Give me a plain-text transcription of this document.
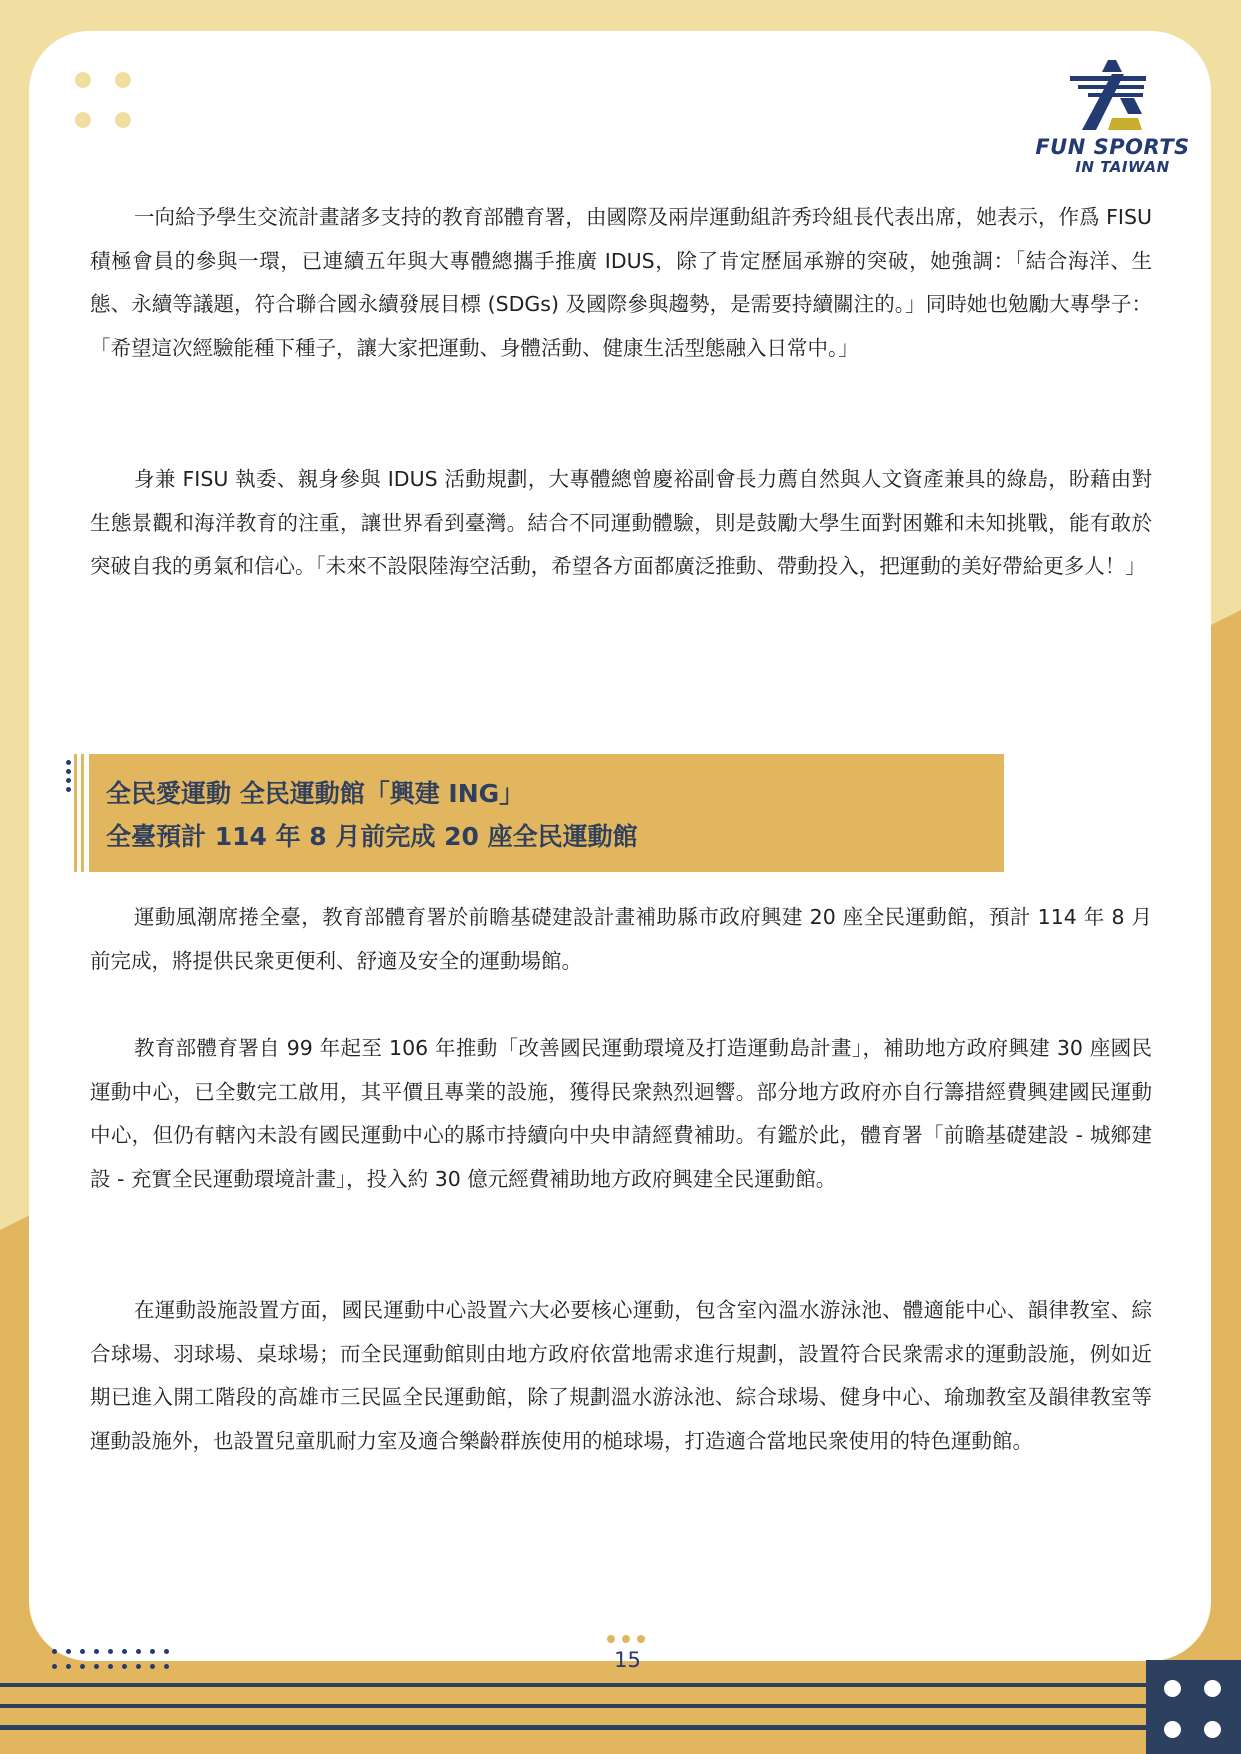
FUN SPORTS
IN TAIWAN

一向給予學生交流計畫諸多支持的教育部體育署，由國際及兩岸運動組許秀玲組長代表出席，她表示，作爲 FISU 積極會員的參與一環，已連續五年與大專體總攜手推廣 IDUS，除了肯定歷屆承辦的突破，她強調：「結合海洋、生態、永續等議題，符合聯合國永續發展目標 (SDGs) 及國際參與趨勢，是需要持續關注的。」同時她也勉勵大專學子：「希望這次經驗能種下種子，讓大家把運動、身體活動、健康生活型態融入日常中。」

身兼 FISU 執委、親身參與 IDUS 活動規劃，大專體總曾慶裕副會長力薦自然與人文資產兼具的綠島，盼藉由對生態景觀和海洋教育的注重，讓世界看到臺灣。結合不同運動體驗，則是鼓勵大學生面對困難和未知挑戰，能有敢於突破自我的勇氣和信心。「未來不設限陸海空活動，希望各方面都廣泛推動、帶動投入，把運動的美好帶給更多人！」

全民愛運動 全民運動館「興建 ING」
全臺預計 114 年 8 月前完成 20 座全民運動館

運動風潮席捲全臺，教育部體育署於前瞻基礎建設計畫補助縣市政府興建 20 座全民運動館，預計 114 年 8 月前完成，將提供民衆更便利、舒適及安全的運動場館。

教育部體育署自 99 年起至 106 年推動「改善國民運動環境及打造運動島計畫」，補助地方政府興建 30 座國民運動中心，已全數完工啟用，其平價且專業的設施，獲得民衆熱烈迴響。部分地方政府亦自行籌措經費興建國民運動中心，但仍有轄內未設有國民運動中心的縣市持續向中央申請經費補助。有鑑於此，體育署「前瞻基礎建設 - 城鄉建設 - 充實全民運動環境計畫」，投入約 30 億元經費補助地方政府興建全民運動館。

在運動設施設置方面，國民運動中心設置六大必要核心運動，包含室內溫水游泳池、體適能中心、韻律教室、綜合球場、羽球場、桌球場；而全民運動館則由地方政府依當地需求進行規劃，設置符合民衆需求的運動設施，例如近期已進入開工階段的高雄市三民區全民運動館，除了規劃溫水游泳池、綜合球場、健身中心、瑜珈教室及韻律教室等運動設施外，也設置兒童肌耐力室及適合樂齡群族使用的槌球場，打造適合當地民衆使用的特色運動館。

15
